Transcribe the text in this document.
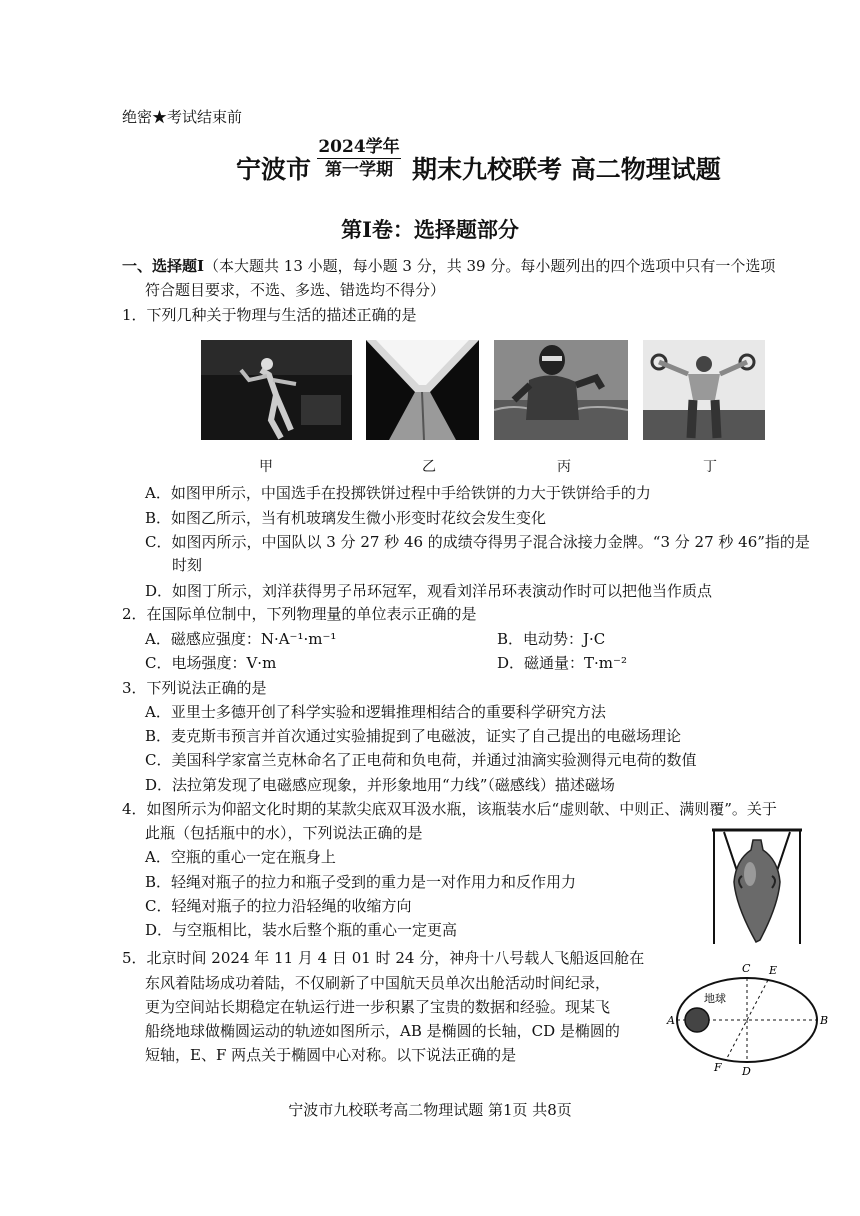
绝密★考试结束前
宁波市
2024学年
第一学期 期末九校联考 高二物理试题
第Ⅰ卷：选择题部分
一、选择题Ⅰ（本大题共 13 小题，每小题 3 分，共 39 分。每小题列出的四个选项中只有一个选项
符合题目要求，不选、多选、错选均不得分）
1．下列几种关于物理与生活的描述正确的是
甲	乙	丙	丁
A．如图甲所示，中国选手在投掷铁饼过程中手给铁饼的力大于铁饼给手的力
B．如图乙所示，当有机玻璃发生微小形变时花纹会发生变化
C．如图丙所示，中国队以 3 分 27 秒 46 的成绩夺得男子混合泳接力金牌。“3 分 27 秒 46”指的是
时刻
D．如图丁所示，刘洋获得男子吊环冠军，观看刘洋吊环表演动作时可以把他当作质点
2．在国际单位制中，下列物理量的单位表示正确的是
A．磁感应强度：N·A⁻¹·m⁻¹	B．电动势：J·C
C．电场强度：V·m	D．磁通量：T·m⁻²
3．下列说法正确的是
A．亚里士多德开创了科学实验和逻辑推理相结合的重要科学研究方法
B．麦克斯韦预言并首次通过实验捕捉到了电磁波，证实了自己提出的电磁场理论
C．美国科学家富兰克林命名了正电荷和负电荷，并通过油滴实验测得元电荷的数值
D．法拉第发现了电磁感应现象，并形象地用“力线”（磁感线）描述磁场
4．如图所示为仰韶文化时期的某款尖底双耳汲水瓶，该瓶装水后“虚则欹、中则正、满则覆”。关于
此瓶（包括瓶中的水），下列说法正确的是
A．空瓶的重心一定在瓶身上
B．轻绳对瓶子的拉力和瓶子受到的重力是一对作用力和反作用力
C．轻绳对瓶子的拉力沿轻绳的收缩方向
D．与空瓶相比，装水后整个瓶的重心一定更高
5．北京时间 2024 年 11 月 4 日 01 时 24 分，神舟十八号载人飞船返回舱在
东风着陆场成功着陆，不仅刷新了中国航天员单次出舱活动时间纪录，
更为空间站长期稳定在轨运行进一步积累了宝贵的数据和经验。现某飞
船绕地球做椭圆运动的轨迹如图所示，AB 是椭圆的长轴，CD 是椭圆的
短轴，E、F 两点关于椭圆中心对称。以下说法正确的是
地球
A	B
C
D
E
F
宁波市九校联考高二物理试题 第1页 共8页
